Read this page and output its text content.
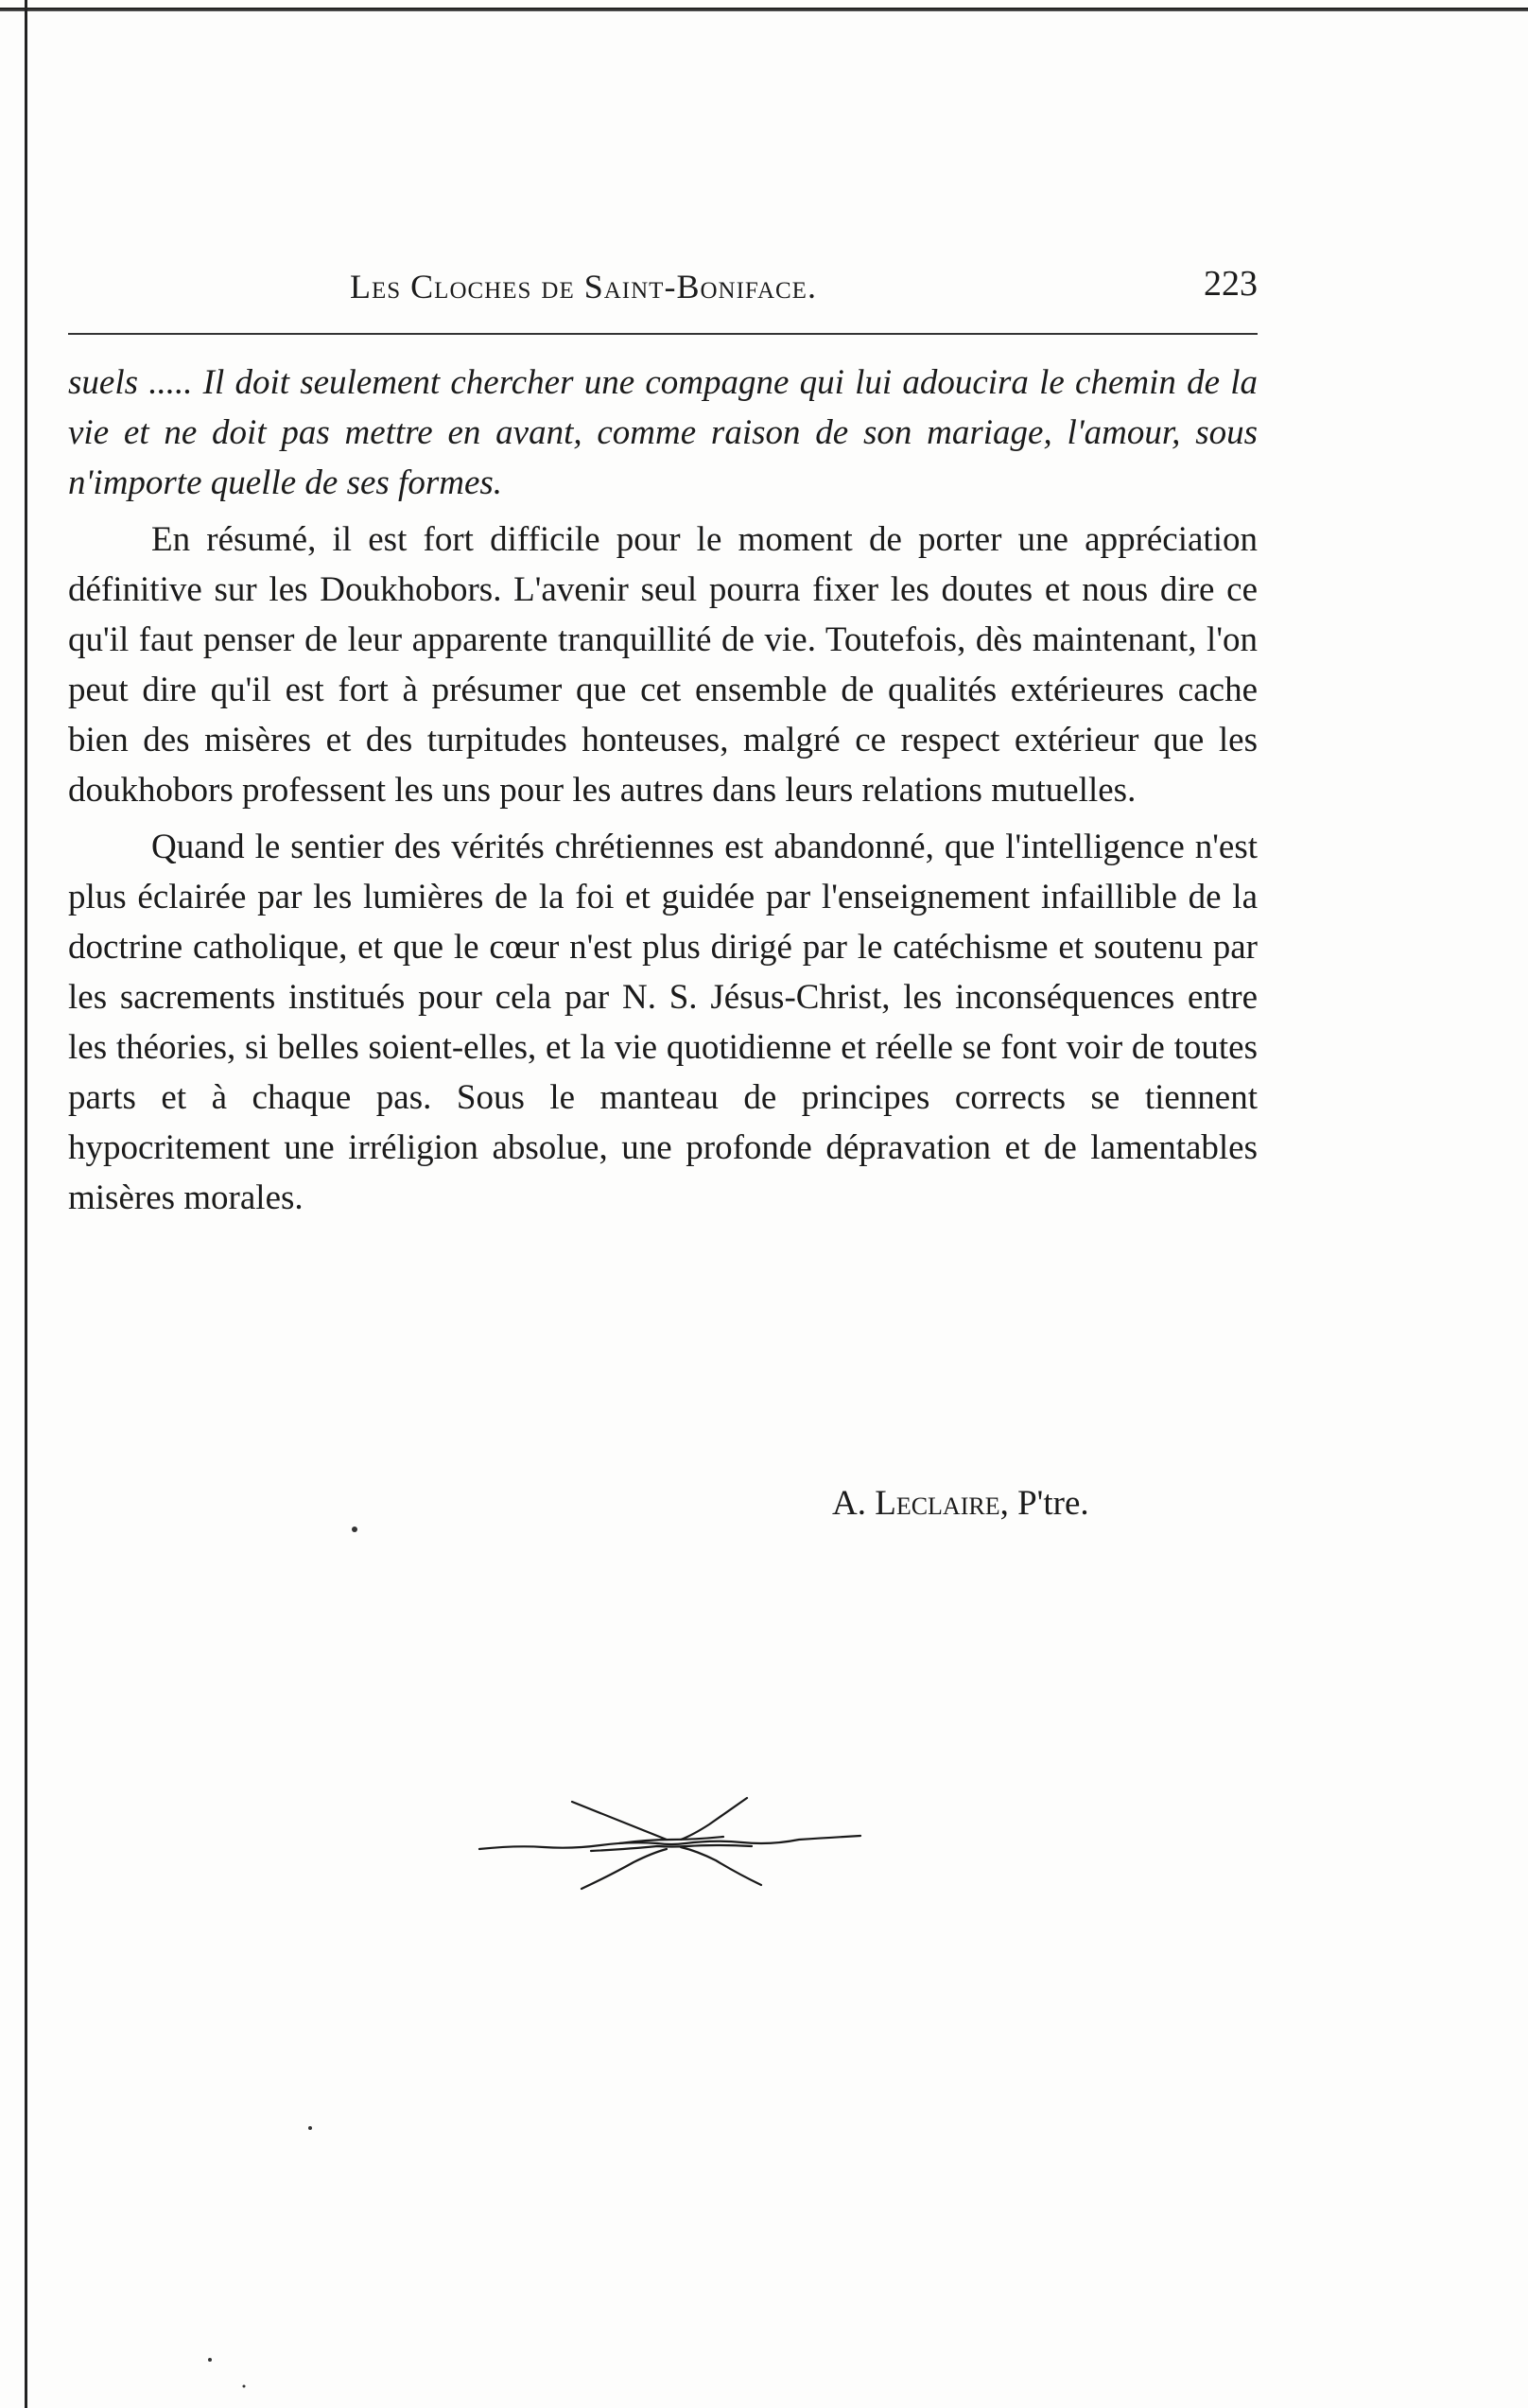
Les Cloches de Saint-Boniface.	223

suels ..... Il doit seulement chercher une compagne qui lui adoucira le chemin de la vie et ne doit pas mettre en avant, comme raison de son mariage, l'amour, sous n'importe quelle de ses formes.

En résumé, il est fort difficile pour le moment de porter une appréciation définitive sur les Doukhobors. L'avenir seul pourra fixer les doutes et nous dire ce qu'il faut penser de leur apparente tranquillité de vie. Toutefois, dès maintenant, l'on peut dire qu'il est fort à présumer que cet ensemble de qualités extérieures cache bien des misères et des turpitudes honteuses, malgré ce respect extérieur que les doukhobors professent les uns pour les autres dans leurs relations mutuelles.

Quand le sentier des vérités chrétiennes est abandonné, que l'intelligence n'est plus éclairée par les lumières de la foi et guidée par l'enseignement infaillible de la doctrine catholique, et que le cœur n'est plus dirigé par le catéchisme et soutenu par les sacrements institués pour cela par N. S. Jésus-Christ, les inconséquences entre les théories, si belles soient-elles, et la vie quotidienne et réelle se font voir de toutes parts et à chaque pas. Sous le manteau de principes corrects se tiennent hypocritement une irréligion absolue, une profonde dépravation et de lamentables misères morales.

A. Leclaire, P'tre.
